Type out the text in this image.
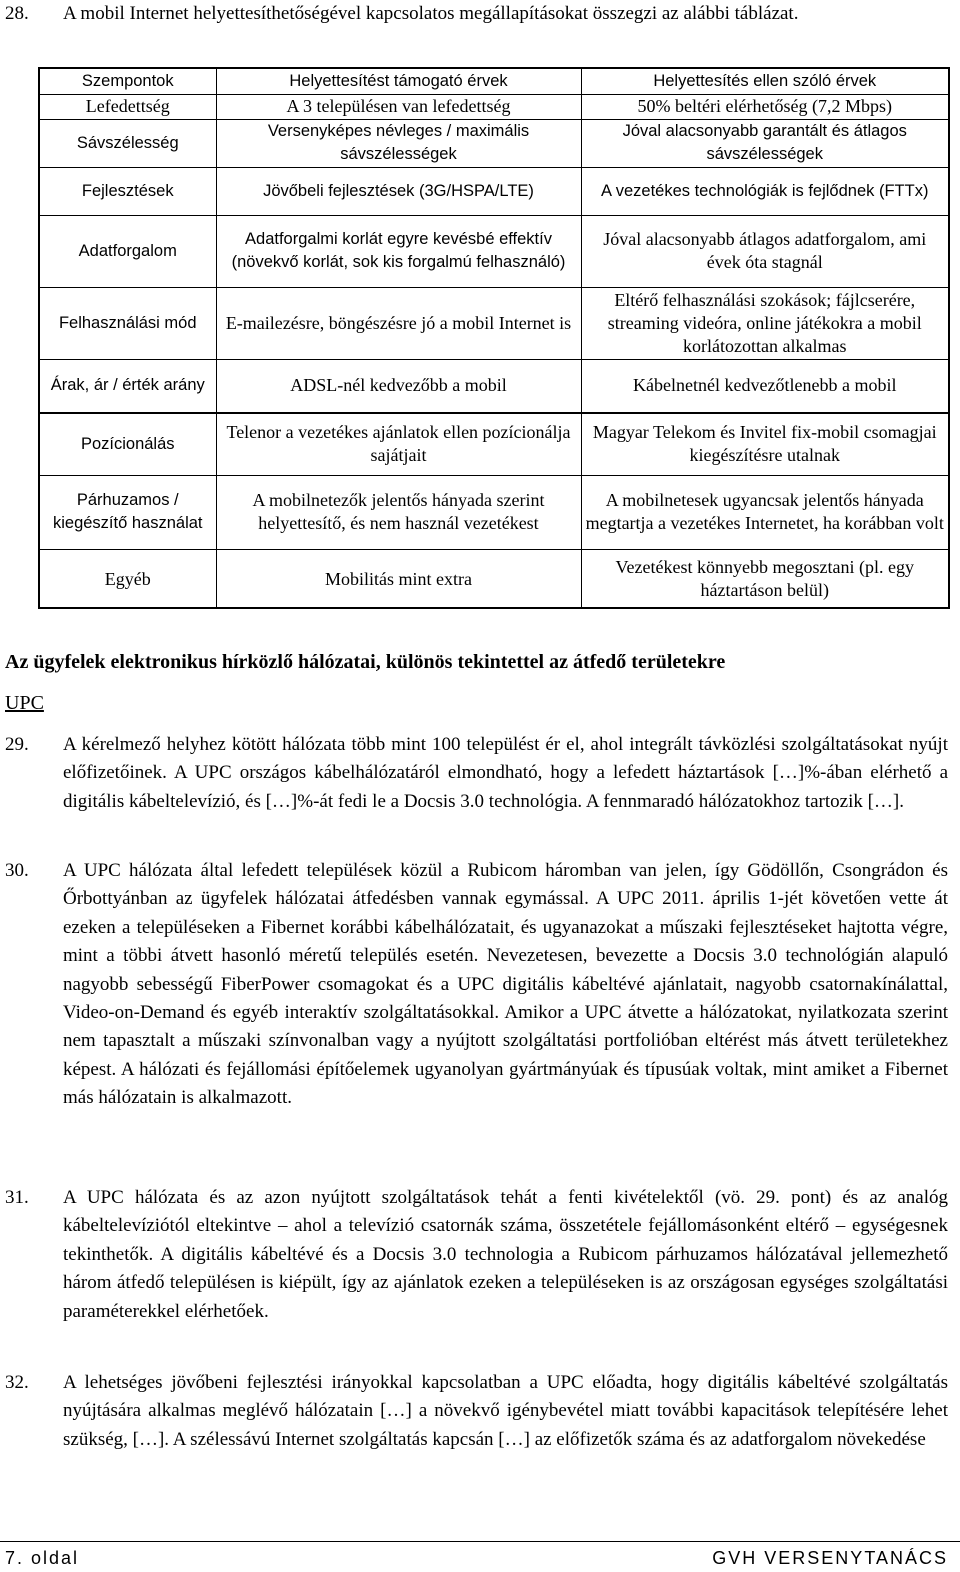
28. A mobil Internet helyettesíthetőségével kapcsolatos megállapításokat összegzi az alábbi táblázat.
Szempontok	Helyettesítést támogató érvek	Helyettesítés ellen szóló érvek
Lefedettség	A 3 településen van lefedettség	50% beltéri elérhetőség (7,2 Mbps)
Sávszélesség	Versenyképes névleges / maximális sávszélességek	Jóval alacsonyabb garantált és átlagos sávszélességek
Fejlesztések	Jövőbeli fejlesztések (3G/HSPA/LTE)	A vezetékes technológiák is fejlődnek (FTTx)
Adatforgalom	Adatforgalmi korlát egyre kevésbé effektív (növekvő korlát, sok kis forgalmú felhasználó)	Jóval alacsonyabb átlagos adatforgalom, ami évek óta stagnál
Felhasználási mód	E-mailezésre, böngészésre jó a mobil Internet is	Eltérő felhasználási szokások; fájlcserére, streaming videóra, online játékokra a mobil korlátozottan alkalmas
Árak, ár / érték arány	ADSL-nél kedvezőbb a mobil	Kábelnetnél kedvezőtlenebb a mobil
Pozícionálás	Telenor a vezetékes ajánlatok ellen pozícionálja sajátjait	Magyar Telekom és Invitel fix-mobil csomagjai kiegészítésre utalnak
Párhuzamos / kiegészítő használat	A mobilnetezők jelentős hányada szerint helyettesítő, és nem használ vezetékest	A mobilnetesek ugyancsak jelentős hányada megtartja a vezetékes Internetet, ha korábban volt
Egyéb	Mobilitás mint extra	Vezetékest könnyebb megosztani (pl. egy háztartáson belül)
Az ügyfelek elektronikus hírközlő hálózatai, különös tekintettel az átfedő területekre
UPC
29. A kérelmező helyhez kötött hálózata több mint 100 települést ér el, ahol integrált távközlési szolgáltatásokat nyújt előfizetőinek. A UPC országos kábelhálózatáról elmondható, hogy a lefedett háztartások […]%-ában elérhető a digitális kábeltelevízió, és […]%-át fedi le a Docsis 3.0 technológia. A fennmaradó hálózatokhoz tartozik […].
30. A UPC hálózata által lefedett települések közül a Rubicom háromban van jelen, így Gödöllőn, Csongrádon és Őrbottyánban az ügyfelek hálózatai átfedésben vannak egymással. A UPC 2011. április 1-jét követően vette át ezeken a településeken a Fibernet korábbi kábelhálózatait, és ugyanazokat a műszaki fejlesztéseket hajtotta végre, mint a többi átvett hasonló méretű település esetén. Nevezetesen, bevezette a Docsis 3.0 technológián alapuló nagyobb sebességű FiberPower csomagokat és a UPC digitális kábeltévé ajánlatait, nagyobb csatornakínálattal, Video-on-Demand és egyéb interaktív szolgáltatásokkal. Amikor a UPC átvette a hálózatokat, nyilatkozata szerint nem tapasztalt a műszaki színvonalban vagy a nyújtott szolgáltatási portfolióban eltérést más átvett területekhez képest. A hálózati és fejállomási építőelemek ugyanolyan gyártmányúak és típusúak voltak, mint amiket a Fibernet más hálózatain is alkalmazott.
31. A UPC hálózata és az azon nyújtott szolgáltatások tehát a fenti kivételektől (vö. 29. pont) és az analóg kábeltelevíziótól eltekintve – ahol a televízió csatornák száma, összetétele fejállomásonként eltérő – egységesnek tekinthetők. A digitális kábeltévé és a Docsis 3.0 technologia a Rubicom párhuzamos hálózatával jellemezhető három átfedő településen is kiépült, így az ajánlatok ezeken a településeken is az országosan egységes szolgáltatási paraméterekkel elérhetőek.
32. A lehetséges jövőbeni fejlesztési irányokkal kapcsolatban a UPC előadta, hogy digitális kábeltévé szolgáltatás nyújtására alkalmas meglévő hálózatain […] a növekvő igénybevétel miatt további kapacitások telepítésére lehet szükség, […]. A szélessávú Internet szolgáltatás kapcsán […] az előfizetők száma és az adatforgalom növekedése
7. oldal	GVH VERSENYTANÁCS
